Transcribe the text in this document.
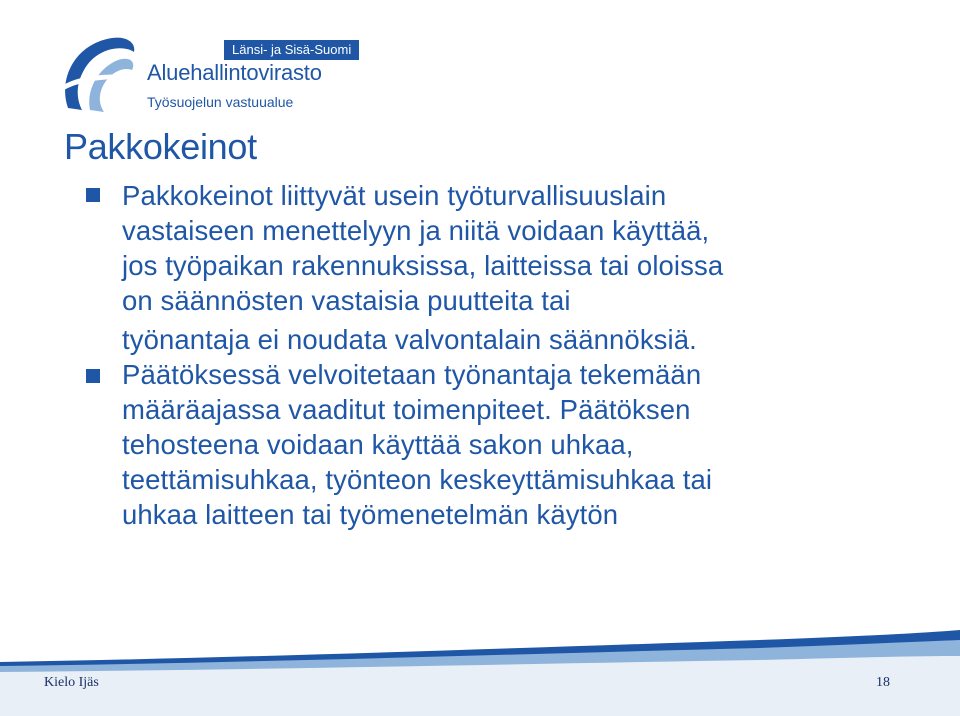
Länsi- ja Sisä-Suomi
Aluehallintovirasto
Työsuojelun vastuualue
Pakkokeinot
Pakkokeinot liittyvät usein työturvallisuuslain
vastaiseen menettelyyn ja niitä voidaan käyttää,
jos työpaikan rakennuksissa, laitteissa tai oloissa
on säännösten vastaisia puutteita tai
työnantaja ei noudata valvontalain säännöksiä.
Päätöksessä velvoitetaan työnantaja tekemään
määräajassa vaaditut toimenpiteet. Päätöksen
tehosteena voidaan käyttää sakon uhkaa,
teettämisuhkaa, työnteon keskeyttämisuhkaa tai
uhkaa laitteen tai työmenetelmän käytön
Kielo Ijäs	18
